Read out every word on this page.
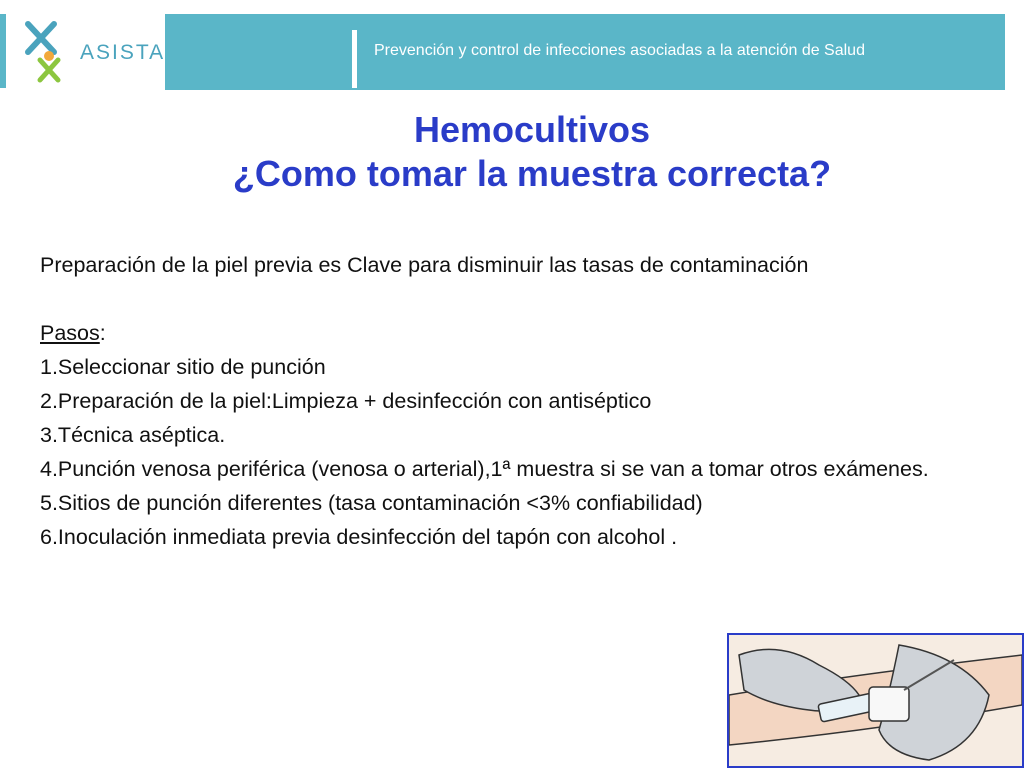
ASISTA	Prevención y control de infecciones asociadas a la atención de Salud
Hemocultivos
¿Como tomar la muestra correcta?

Preparación de la piel previa es Clave para disminuir las tasas de contaminación

Pasos:

1.Seleccionar sitio de punción
2.Preparación de la piel:Limpieza + desinfección con antiséptico
3.Técnica aséptica.
4.Punción venosa periférica (venosa o arterial),1ª muestra si se van a tomar otros exámenes.
5.Sitios de punción diferentes (tasa contaminación <3% confiabilidad)
6.Inoculación inmediata previa desinfección del tapón con alcohol .
